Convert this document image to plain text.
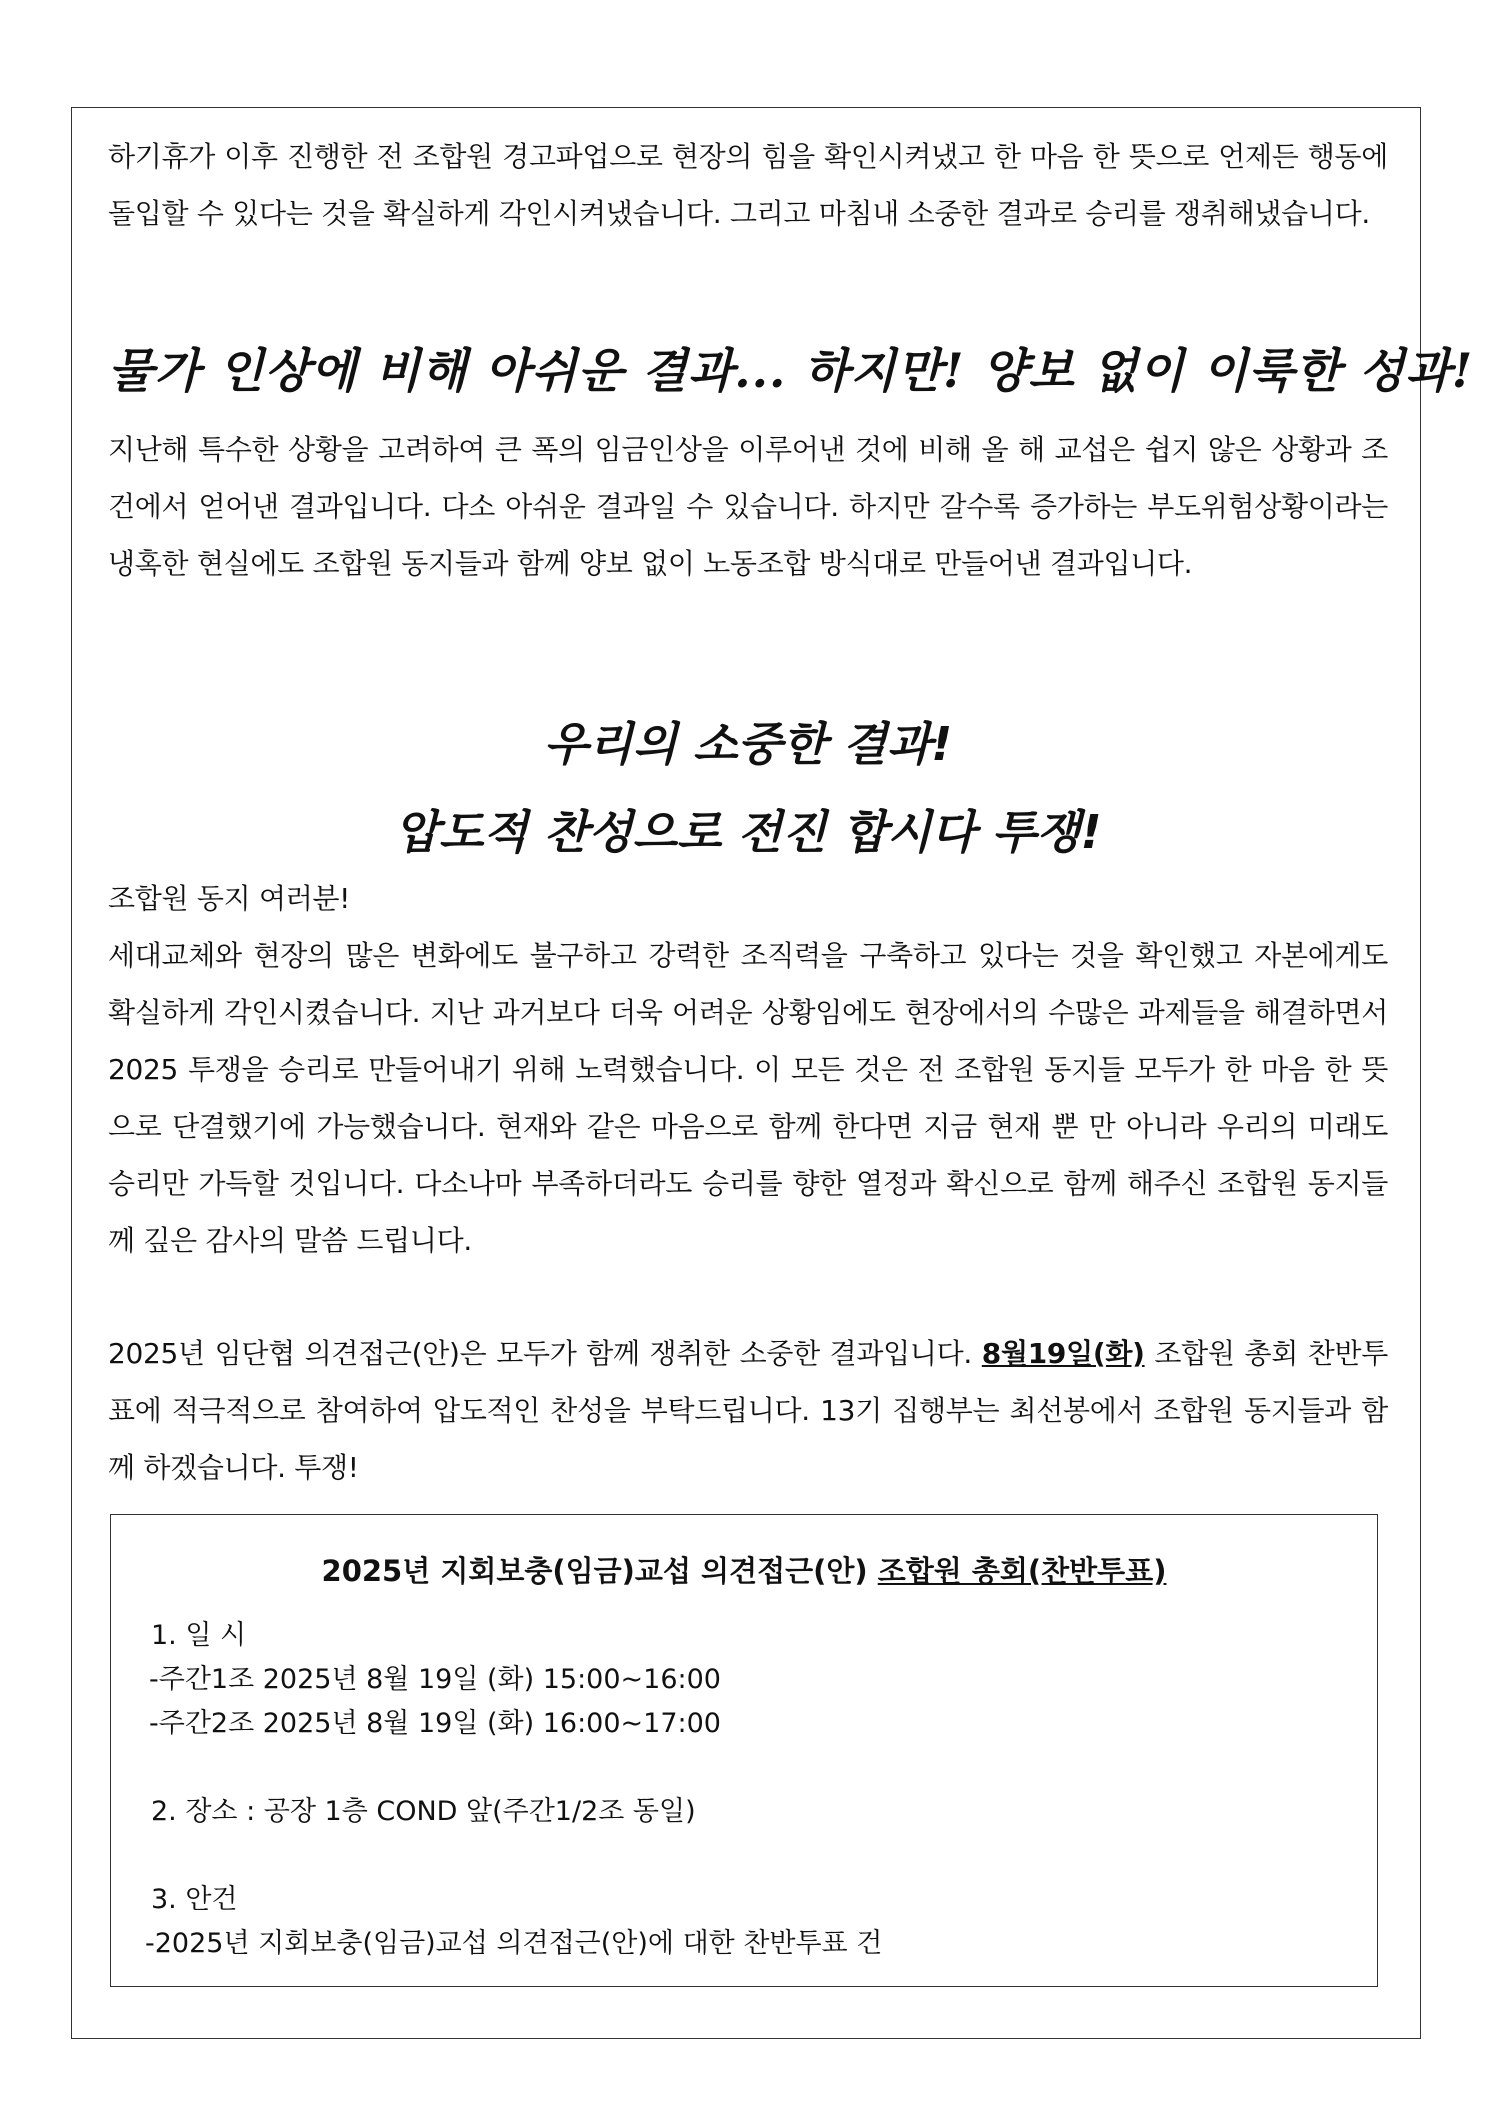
하기휴가 이후 진행한 전 조합원 경고파업으로 현장의 힘을 확인시켜냈고 한 마음 한 뜻으로 언제든 행동에 돌입할 수 있다는 것을 확실하게 각인시켜냈습니다. 그리고 마침내 소중한 결과로 승리를 쟁취해냈습니다.

물가 인상에 비해 아쉬운 결과... 하지만! 양보 없이 이룩한 성과!

지난해 특수한 상황을 고려하여 큰 폭의 임금인상을 이루어낸 것에 비해 올 해 교섭은 쉽지 않은 상황과 조건에서 얻어낸 결과입니다. 다소 아쉬운 결과일 수 있습니다. 하지만 갈수록 증가하는 부도위험상황이라는 냉혹한 현실에도 조합원 동지들과 함께 양보 없이 노동조합 방식대로 만들어낸 결과입니다.

우리의 소중한 결과!
압도적 찬성으로 전진 합시다 투쟁!

조합원 동지 여러분!

세대교체와 현장의 많은 변화에도 불구하고 강력한 조직력을 구축하고 있다는 것을 확인했고 자본에게도 확실하게 각인시켰습니다. 지난 과거보다 더욱 어려운 상황임에도 현장에서의 수많은 과제들을 해결하면서 2025 투쟁을 승리로 만들어내기 위해 노력했습니다. 이 모든 것은 전 조합원 동지들 모두가 한 마음 한 뜻으로 단결했기에 가능했습니다. 현재와 같은 마음으로 함께 한다면 지금 현재 뿐 만 아니라 우리의 미래도 승리만 가득할 것입니다. 다소나마 부족하더라도 승리를 향한 열정과 확신으로 함께 해주신 조합원 동지들께 깊은 감사의 말씀 드립니다.

2025년 임단협 의견접근(안)은 모두가 함께 쟁취한 소중한 결과입니다. 8월19일(화) 조합원 총회 찬반투표에 적극적으로 참여하여 압도적인 찬성을 부탁드립니다. 13기 집행부는 최선봉에서 조합원 동지들과 함께 하겠습니다. 투쟁!

2025년 지회보충(임금)교섭 의견접근(안) 조합원 총회(찬반투표)
1. 일 시
-주간1조 2025년 8월 19일 (화) 15:00~16:00
-주간2조 2025년 8월 19일 (화) 16:00~17:00
2. 장소 : 공장 1층 COND 앞(주간1/2조 동일)
3. 안건
-2025년 지회보충(임금)교섭 의견접근(안)에 대한 찬반투표 건
